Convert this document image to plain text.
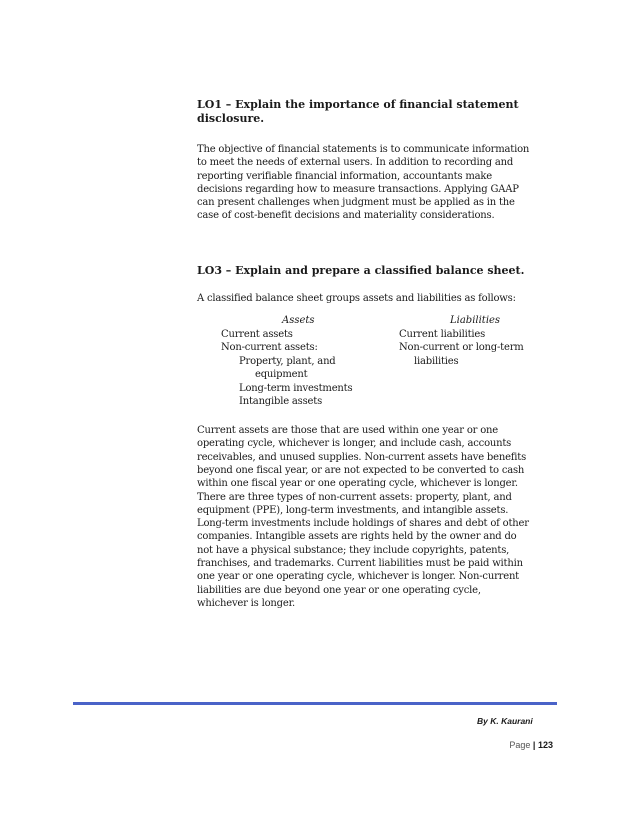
LO1 – Explain the importance of financial statement disclosure.

The objective of financial statements is to communicate information
to meet the needs of external users. In addition to recording and
reporting verifiable financial information, accountants make
decisions regarding how to measure transactions. Applying GAAP
can present challenges when judgment must be applied as in the
case of cost-benefit decisions and materiality considerations.

LO3 – Explain and prepare a classified balance sheet.

A classified balance sheet groups assets and liabilities as follows:
Assets	Liabilities
Current assets
Non-current assets:
Property, plant, and
equipment
Long-term investments
Intangible assets
Current liabilities
Non-current or long-term
liabilities
Current assets are those that are used within one year or one
operating cycle, whichever is longer, and include cash, accounts
receivables, and unused supplies. Non-current assets have benefits
beyond one fiscal year, or are not expected to be converted to cash
within one fiscal year or one operating cycle, whichever is longer.
There are three types of non-current assets: property, plant, and
equipment (PPE), long-term investments, and intangible assets.
Long-term investments include holdings of shares and debt of other
companies. Intangible assets are rights held by the owner and do
not have a physical substance; they include copyrights, patents,
franchises, and trademarks. Current liabilities must be paid within
one year or one operating cycle, whichever is longer. Non-current
liabilities are due beyond one year or one operating cycle,
whichever is longer.
By K. Kaurani
Page | 123
